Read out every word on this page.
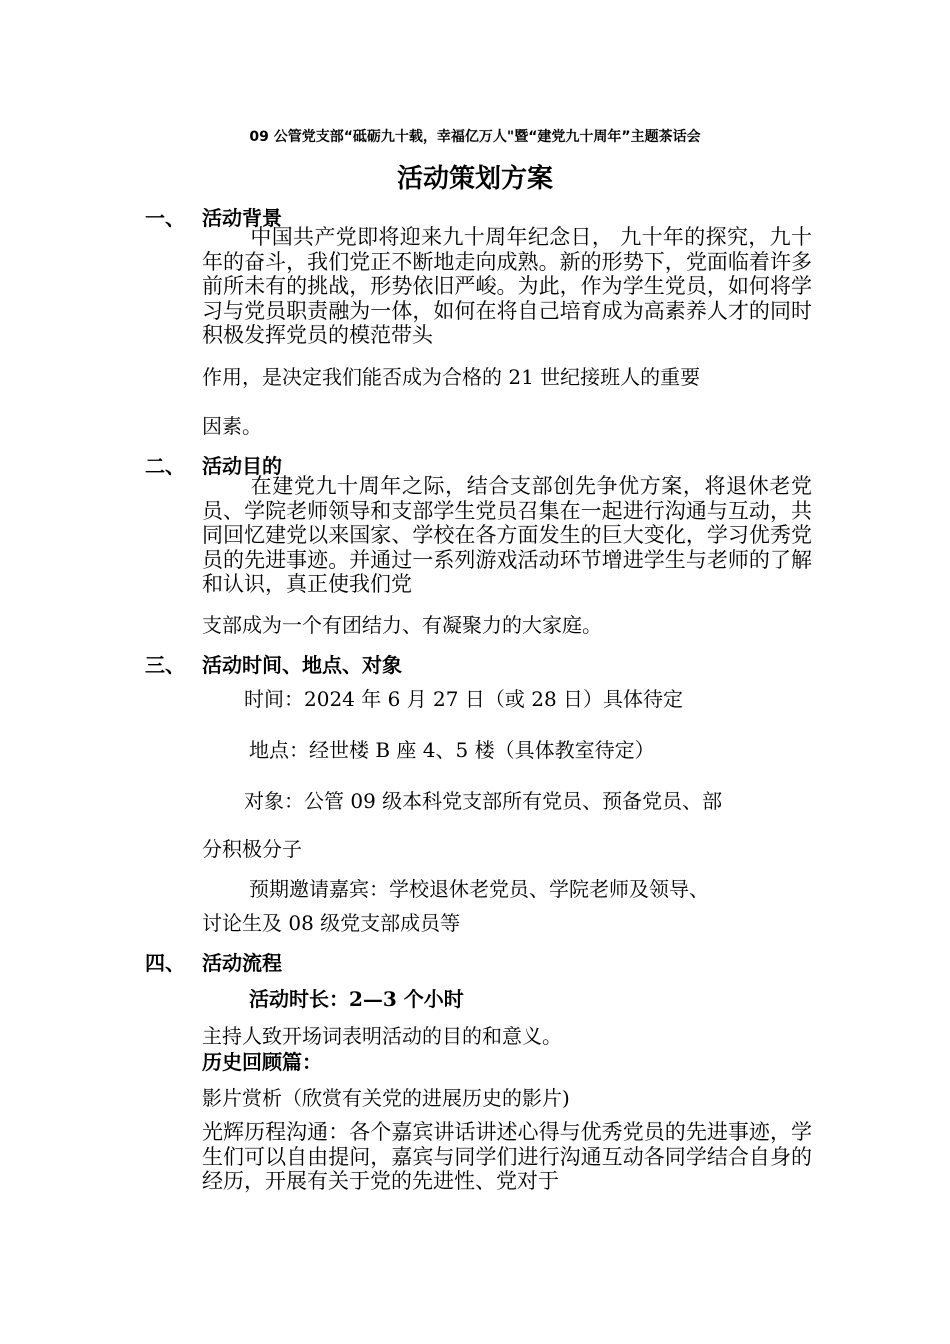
09 公管党支部“砥砺九十载，幸福亿万人"暨“建党九十周年”主题茶话会
活动策划方案
一、 活动背景
中国共产党即将迎来九十周年纪念日， 九十年的探究，九十年的奋斗，我们党正不断地走向成熟。新的形势下，党面临着许多前所未有的挑战，形势依旧严峻。为此，作为学生党员，如何将学习与党员职责融为一体，如何在将自己培育成为高素养人才的同时积极发挥党员的模范带头
作用，是决定我们能否成为合格的 21 世纪接班人的重要
因素。
二、 活动目的
在建党九十周年之际，结合支部创先争优方案，将退休老党员、学院老师领导和支部学生党员召集在一起进行沟通与互动，共同回忆建党以来国家、学校在各方面发生的巨大变化，学习优秀党员的先进事迹。并通过一系列游戏活动环节增进学生与老师的了解和认识，真正使我们党
支部成为一个有团结力、有凝聚力的大家庭。
三、 活动时间、地点、对象
时间：2024 年 6 月 27 日（或 28 日）具体待定
地点：经世楼 B 座 4、5 楼（具体教室待定）
对象：公管 09 级本科党支部所有党员、预备党员、部
分积极分子
预期邀请嘉宾：学校退休老党员、学院老师及领导、
讨论生及 08 级党支部成员等
四、 活动流程
活动时长：2—3 个小时
主持人致开场词表明活动的目的和意义。
历史回顾篇：
影片赏析（欣赏有关党的进展历史的影片)
光辉历程沟通：各个嘉宾讲话讲述心得与优秀党员的先进事迹，学生们可以自由提问，嘉宾与同学们进行沟通互动各同学结合自身的经历，开展有关于党的先进性、党对于
